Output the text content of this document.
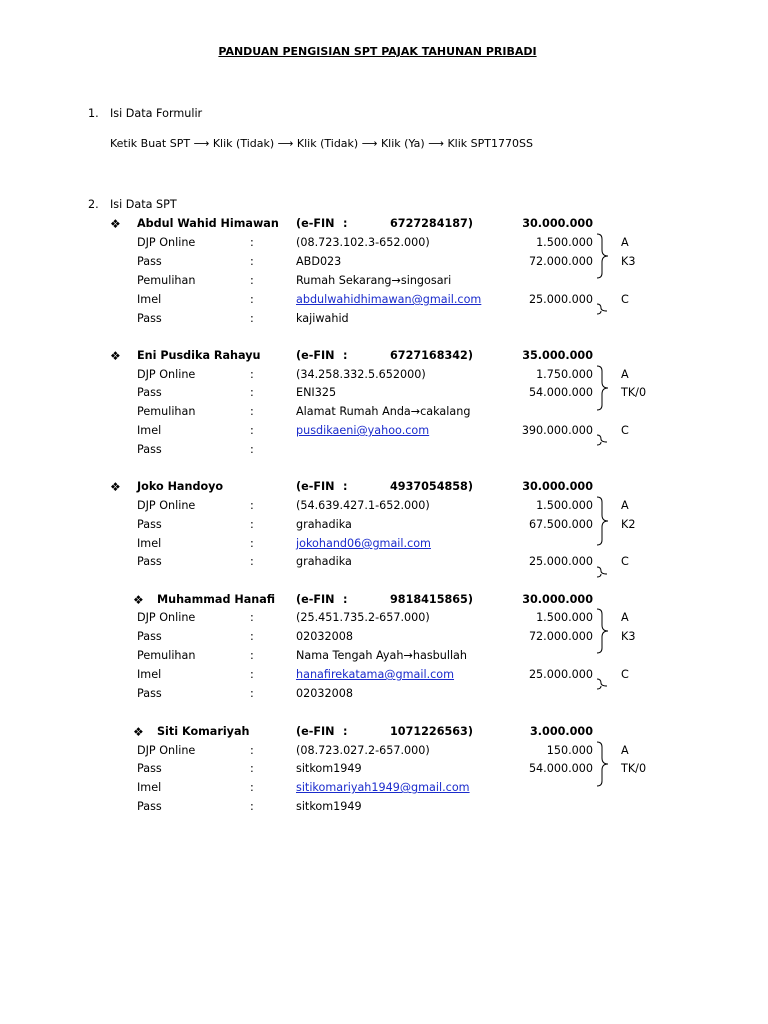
PANDUAN PENGISIAN SPT PAJAK TAHUNAN PRIBADI
1. Isi Data Formulir
Ketik Buat SPT ⟶ Klik (Tidak) ⟶ Klik (Tidak) ⟶ Klik (Ya) ⟶ Klik SPT1770SS
2. Isi Data SPT
❖ Abdul Wahid Himawan (e-FIN :	6727284187)	30.000.000
DJP Online	:	(08.723.102.3-652.000)	1.500.000	A
Pass	:	ABD023	72.000.000	K3
Pemulihan	:	Rumah Sekarang→singosari
Imel	:	abdulwahidhimawan@gmail.com	25.000.000	C
Pass	:	kajiwahid
❖ Eni Pusdika Rahayu	(e-FIN :	6727168342)	35.000.000
DJP Online	:	(34.258.332.5.652000)	1.750.000	A
Pass	:	ENI325	54.000.000	TK/0
Pemulihan	:	Alamat Rumah Anda→cakalang
Imel	:	pusdikaeni@yahoo.com	390.000.000	C
Pass	:
❖ Joko Handoyo	(e-FIN :	4937054858)	30.000.000
DJP Online	:	(54.639.427.1-652.000)	1.500.000	A
Pass	:	grahadika	67.500.000	K2
Imel	:	jokohand06@gmail.com
Pass	:	grahadika	25.000.000	C
❖ Muhammad Hanafi (e-FIN :	9818415865)	30.000.000
DJP Online	:	(25.451.735.2-657.000)	1.500.000	A
Pass	:	02032008	72.000.000	K3
Pemulihan	:	Nama Tengah Ayah→hasbullah
Imel	:	hanafirekatama@gmail.com	25.000.000	C
Pass	:	02032008
❖ Siti Komariyah	(e-FIN :	1071226563)	3.000.000
DJP Online	:	(08.723.027.2-657.000)	150.000	A
Pass	:	sitkom1949	54.000.000	TK/0
Imel	:	sitikomariyah1949@gmail.com
Pass	:	sitkom1949
